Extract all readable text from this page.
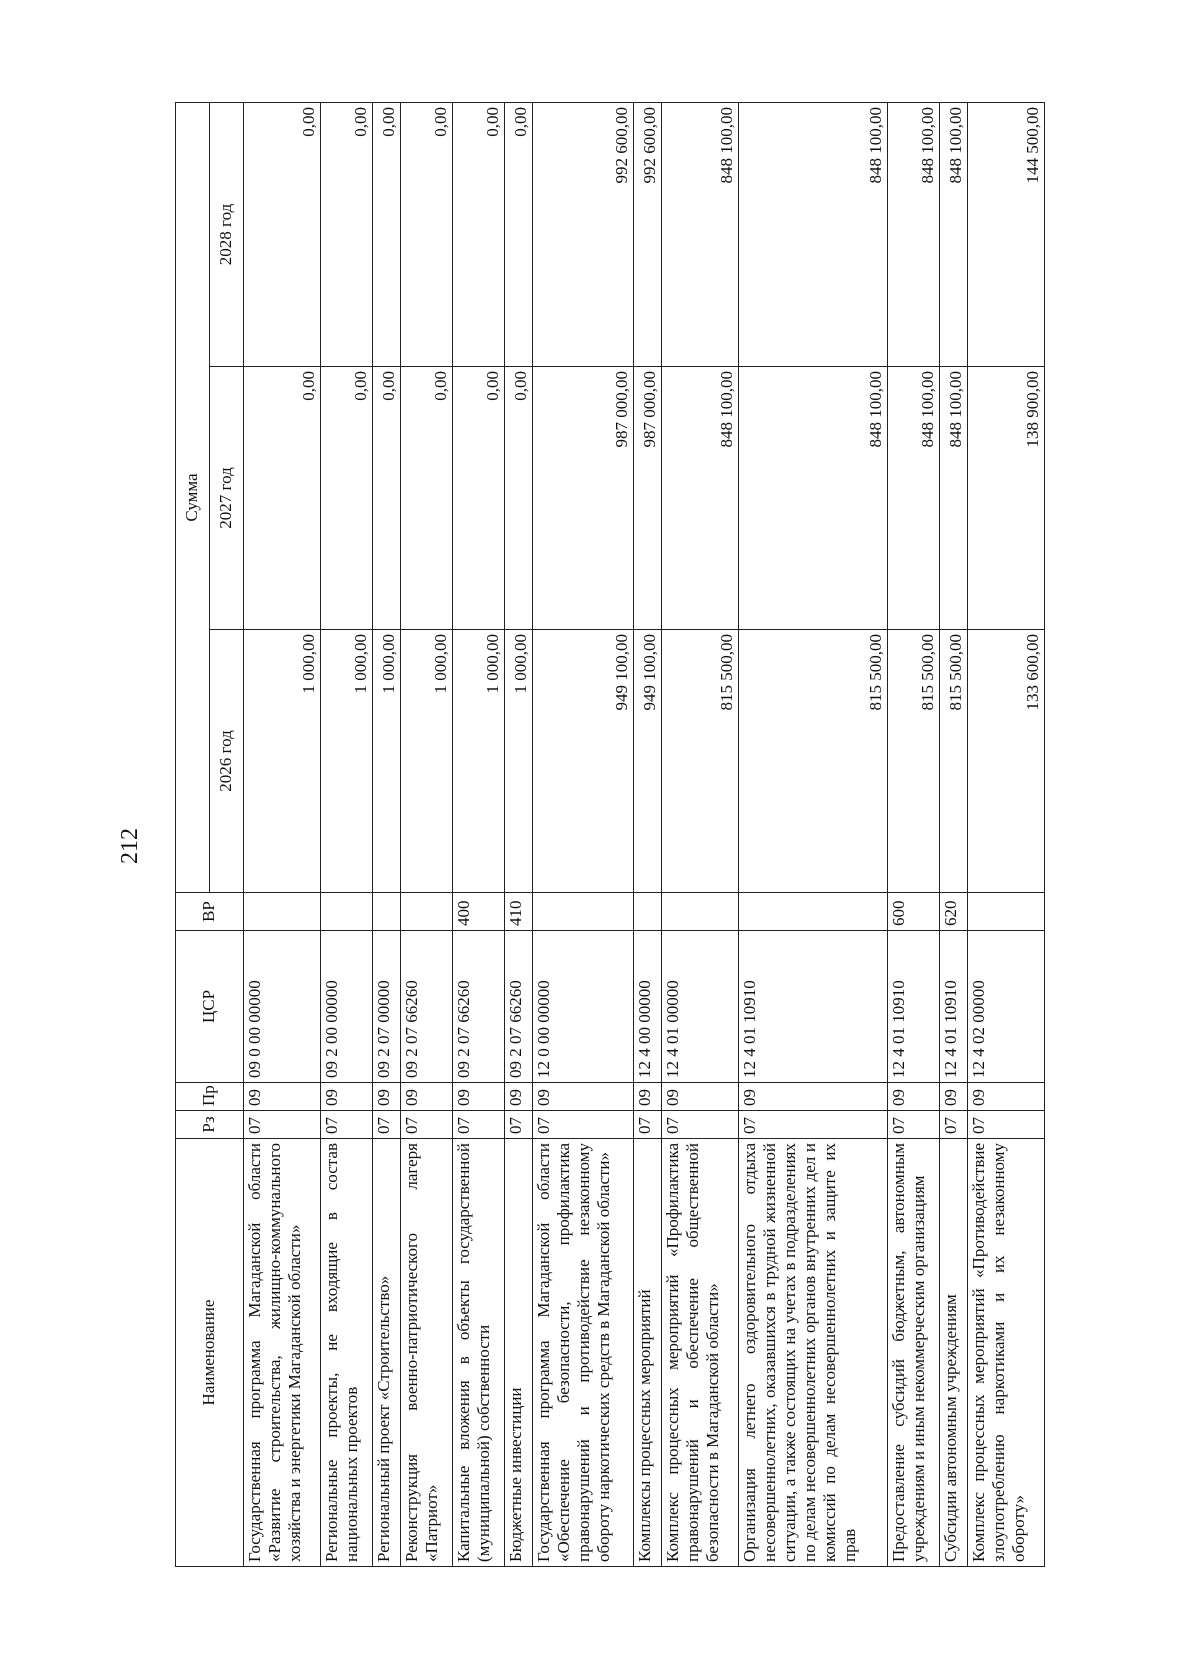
212
Наименование	Рз	Пр	ЦСР	ВР	Сумма		
					2026 год	2027 год	2028 год
Государственная программа Магаданской области «Развитие строительства, жилищно-коммунального хозяйства и энергетики Магаданской области»	07	09	09 0 00 00000		1 000,00	0,00	0,00
Региональные проекты, не входящие в состав национальных проектов	07	09	09 2 00 00000		1 000,00	0,00	0,00
Региональный проект «Строительство»	07	09	09 2 07 00000		1 000,00	0,00	0,00
Реконструкция военно-патриотического лагеря «Патриот»	07	09	09 2 07 66260		1 000,00	0,00	0,00
Капитальные вложения в объекты государственной (муниципальной) собственности	07	09	09 2 07 66260	400	1 000,00	0,00	0,00
Бюджетные инвестиции	07	09	09 2 07 66260	410	1 000,00	0,00	0,00
Государственная программа Магаданской области «Обеспечение безопасности, профилактика правонарушений и противодействие незаконному обороту наркотических средств в Магаданской области»	07	09	12 0 00 00000		949 100,00	987 000,00	992 600,00
Комплексы процессных мероприятий	07	09	12 4 00 00000		949 100,00	987 000,00	992 600,00
Комплекс процессных мероприятий «Профилактика правонарушений и обеспечение общественной безопасности в Магаданской области»	07	09	12 4 01 00000		815 500,00	848 100,00	848 100,00
Организация летнего оздоровительного отдыха несовершеннолетних, оказавшихся в трудной жизненной ситуации, а также состоящих на учетах в подразделениях по делам несовершеннолетних органов внутренних дел и комиссий по делам несовершеннолетних и защите их прав	07	09	12 4 01 10910		815 500,00	848 100,00	848 100,00
Предоставление субсидий бюджетным, автономным учреждениям и иным некоммерческим организациям	07	09	12 4 01 10910	600	815 500,00	848 100,00	848 100,00
Субсидии автономным учреждениям	07	09	12 4 01 10910	620	815 500,00	848 100,00	848 100,00
Комплекс процессных мероприятий «Противодействие злоупотреблению наркотиками и их незаконному обороту»	07	09	12 4 02 00000		133 600,00	138 900,00	144 500,00
